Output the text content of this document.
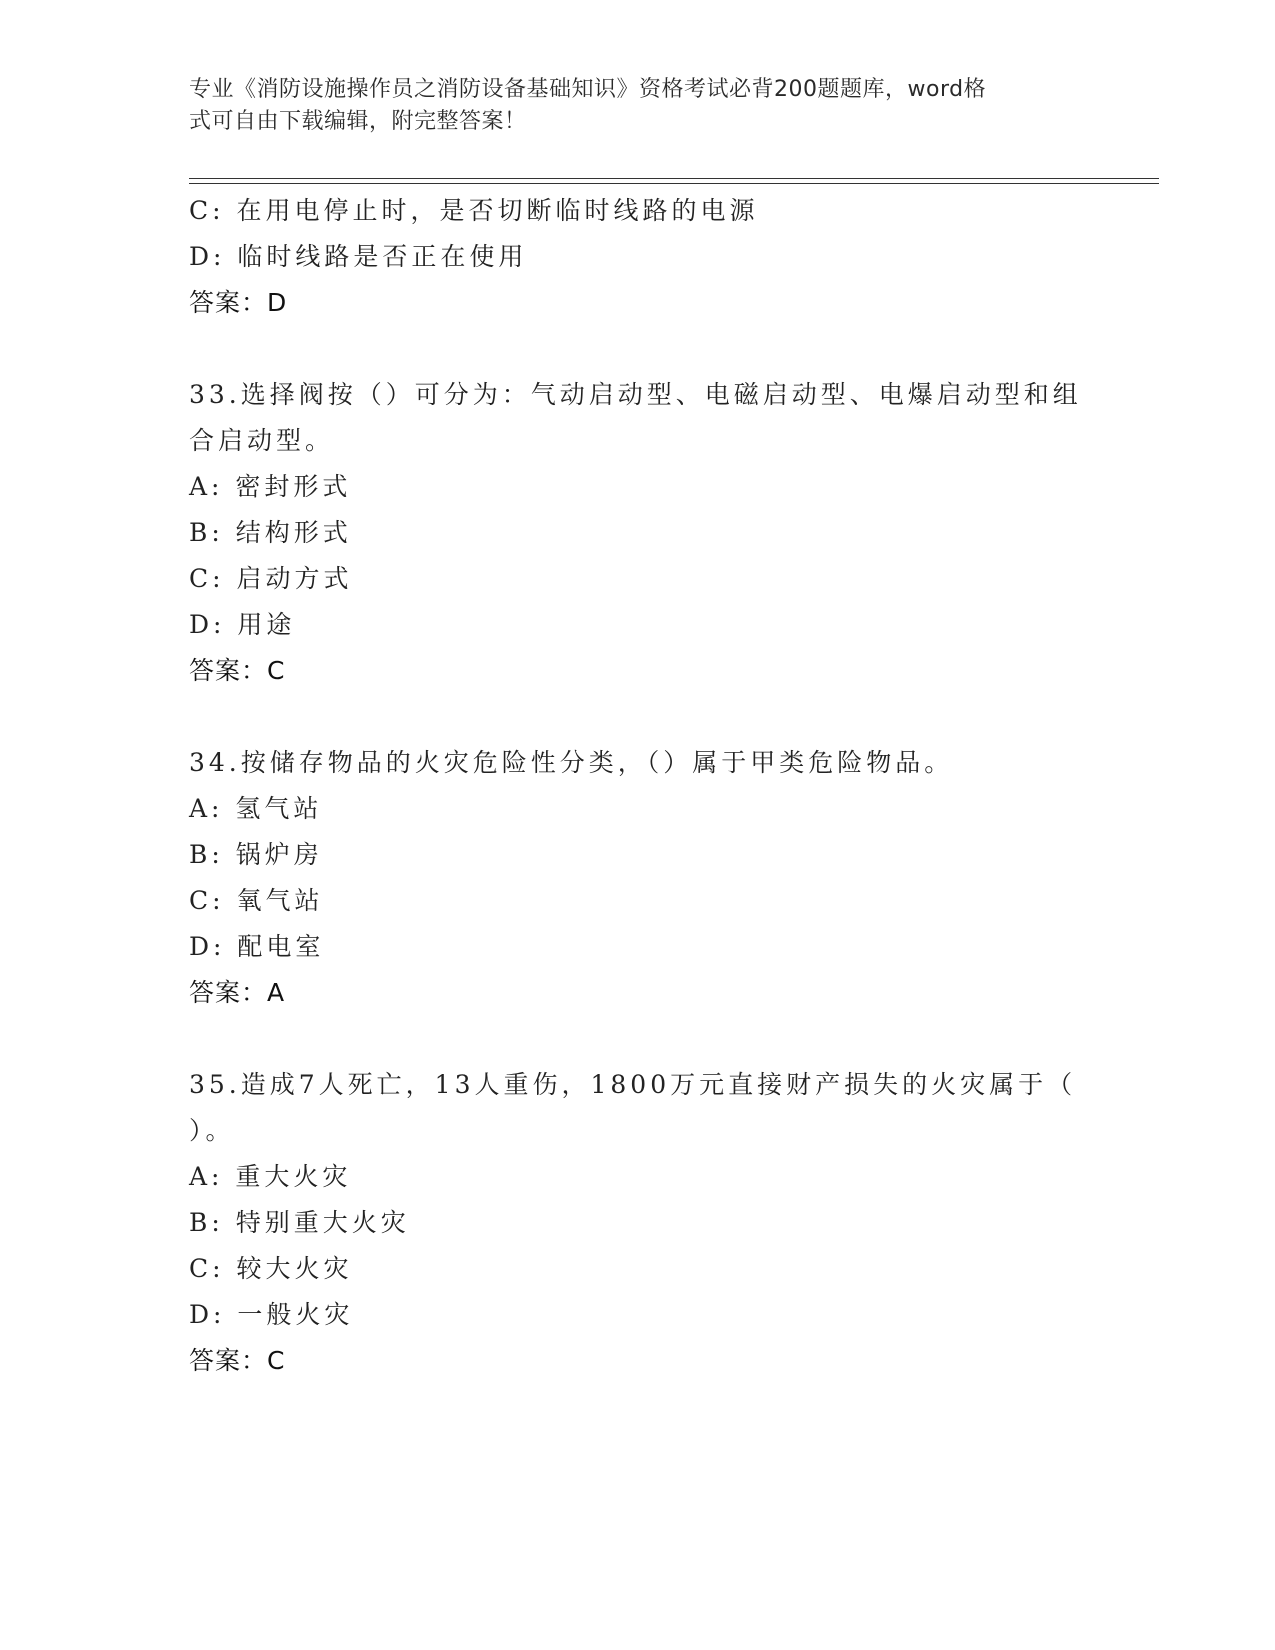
专业《消防设施操作员之消防设备基础知识》资格考试必背200题题库，word格
式可自由下载编辑，附完整答案！
C: 在用电停止时，是否切断临时线路的电源
D: 临时线路是否正在使用
答案：D
33.选择阀按（）可分为：气动启动型、电磁启动型、电爆启动型和组
合启动型。
A: 密封形式
B: 结构形式
C: 启动方式
D: 用途
答案：C
34.按储存物品的火灾危险性分类，（）属于甲类危险物品。
A: 氢气站
B: 锅炉房
C: 氧气站
D: 配电室
答案：A
35.造成7人死亡，13人重伤，1800万元直接财产损失的火灾属于（
）。
A: 重大火灾
B: 特别重大火灾
C: 较大火灾
D: 一般火灾
答案：C
